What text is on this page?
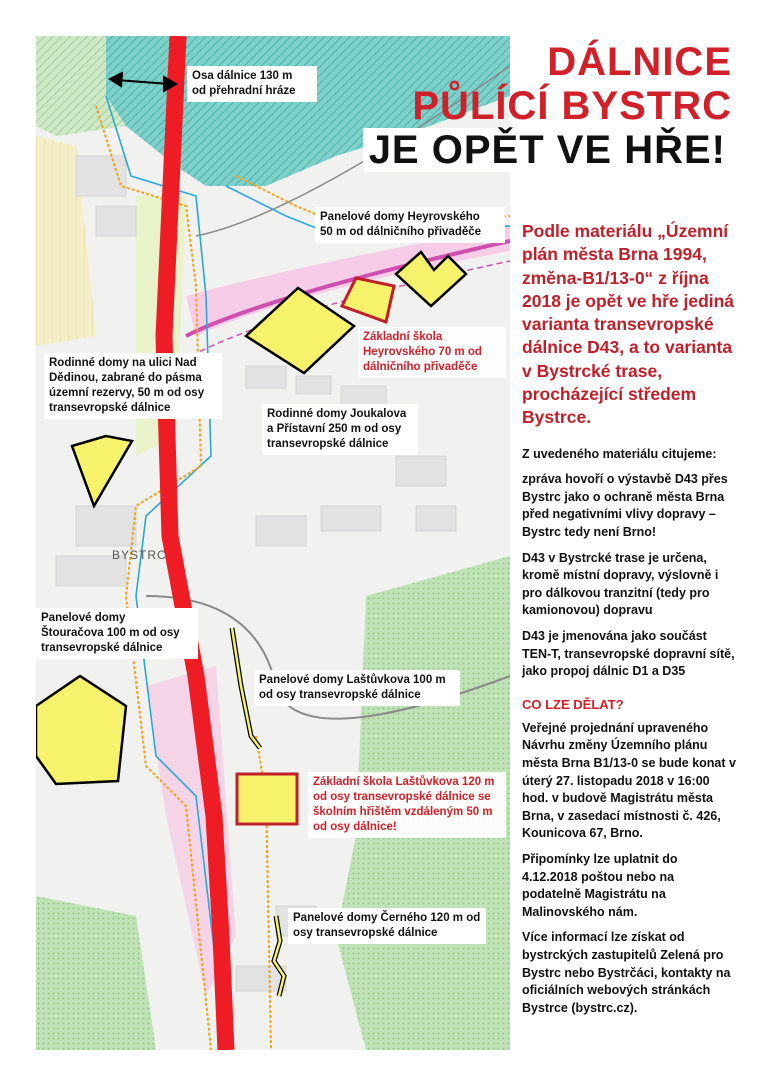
Osa dálnice 130 m
od přehradní hráze
Panelové domy Heyrovského
50 m od dálničního přivaděče
Základní škola
Heyrovského 70 m od
dálničního přivaděče
Rodinné domy na ulici Nad
Dědinou, zabrané do pásma
územní rezervy, 50 m od osy
transevropské dálnice
Rodinné domy Joukalova
a Přístavní 250 m od osy
transevropské dálnice
BYSTRC
Panelové domy
Štouračova 100 m od osy
transevropské dálnice
Panelové domy Laštůvkova 100 m
od osy transevropské dálnice
Základní škola Laštůvkova 120 m
od osy transevropské dálnice se
školním hřištěm vzdáleným 50 m
od osy dálnice!
Panelové domy Černého 120 m od
osy transevropské dálnice
DÁLNICE
PŮLÍCÍ BYSTRC
JE OPĚT VE HŘE!

Podle materiálu „Územní plán města Brna 1994, změna-B1/13-0“ z října 2018 je opět ve hře jediná varianta transevropské dálnice D43, a to varianta v Bystrcké trase, procházející středem Bystrce.

Z uvedeného materiálu citujeme:

zpráva hovoří o výstavbě D43 přes Bystrc jako o ochraně města Brna před negativními vlivy dopravy – Bystrc tedy není Brno!

D43 v Bystrcké trase je určena, kromě místní dopravy, výslovně i pro dálkovou tranzitní (tedy pro kamionovou) dopravu

D43 je jmenována jako součást TEN-T, transevropské dopravní sítě, jako propoj dálnic D1 a D35

CO LZE DĚLAT?

Veřejné projednání upraveného Návrhu změny Územního plánu města Brna B1/13-0 se bude konat v úterý 27. listopadu 2018 v 16:00 hod. v budově Magistrátu města Brna, v zasedací místnosti č. 426, Kounicova 67, Brno.

Připomínky lze uplatnit do 4.12.2018 poštou nebo na podatelně Magistrátu na Malinovského nám.

Více informací lze získat od bystrckých zastupitelů Zelená pro Bystrc nebo Bystrčáci, kontakty na oficiálních webových stránkách Bystrce (bystrc.cz).
